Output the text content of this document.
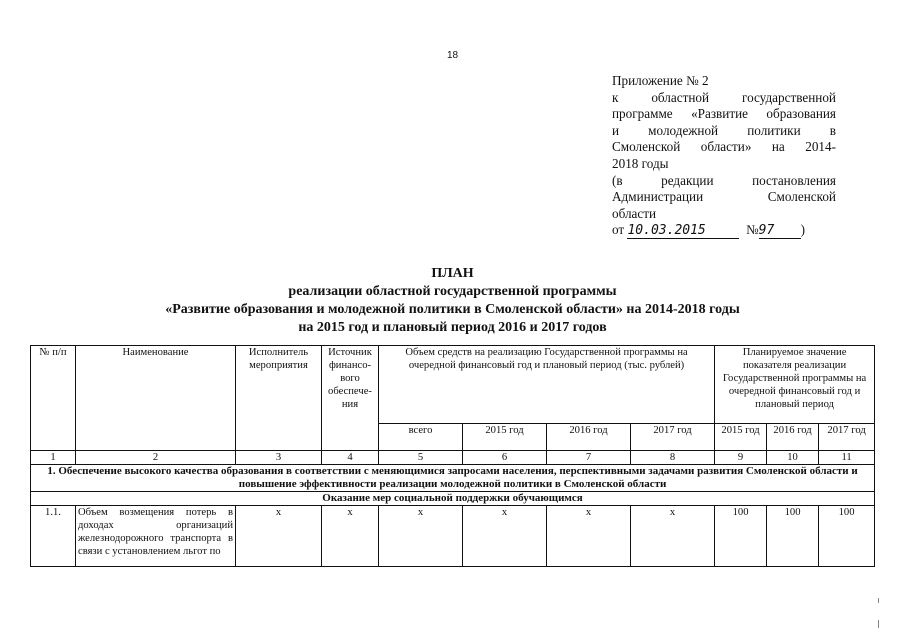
18
Приложение № 2
к областной государственной
программе «Развитие образования
и молодежной политики в
Смоленской области» на 2014-
2018 годы
(в редакции постановления
Администрации Смоленской
области
от 10.03.2015	№97 )
ПЛАН
реализации областной государственной программы
«Развитие образования и молодежной политики в Смоленской области» на 2014-2018 годы
на 2015 год и плановый период 2016 и 2017 годов
№ п/п	Наименование	Исполнитель мероприятия	Источник финансо-вого обеспече-ния	Объем средств на реализацию Государственной программы на очередной финансовый год и плановый период (тыс. рублей)				Планируемое значение показателя реализации Государственной программы на очередной финансовый год и плановый период		
				всего	2015 год	2016 год	2017 год	2015 год	2016 год	2017 год
1	2	3	4	5	6	7	8	9	10	11
1. Обеспечение высокого качества образования в соответствии с меняющимися запросами населения, перспективными задачами развития Смоленской области и повышение эффективности реализации молодежной политики в Смоленской области										
Оказание мер социальной поддержки обучающимся										
1.1.	Объем возмещения потерь в доходах организаций железнодорожного транспорта в связи с установлением льгот по	x	x	x	x	x	x	100	100	100
